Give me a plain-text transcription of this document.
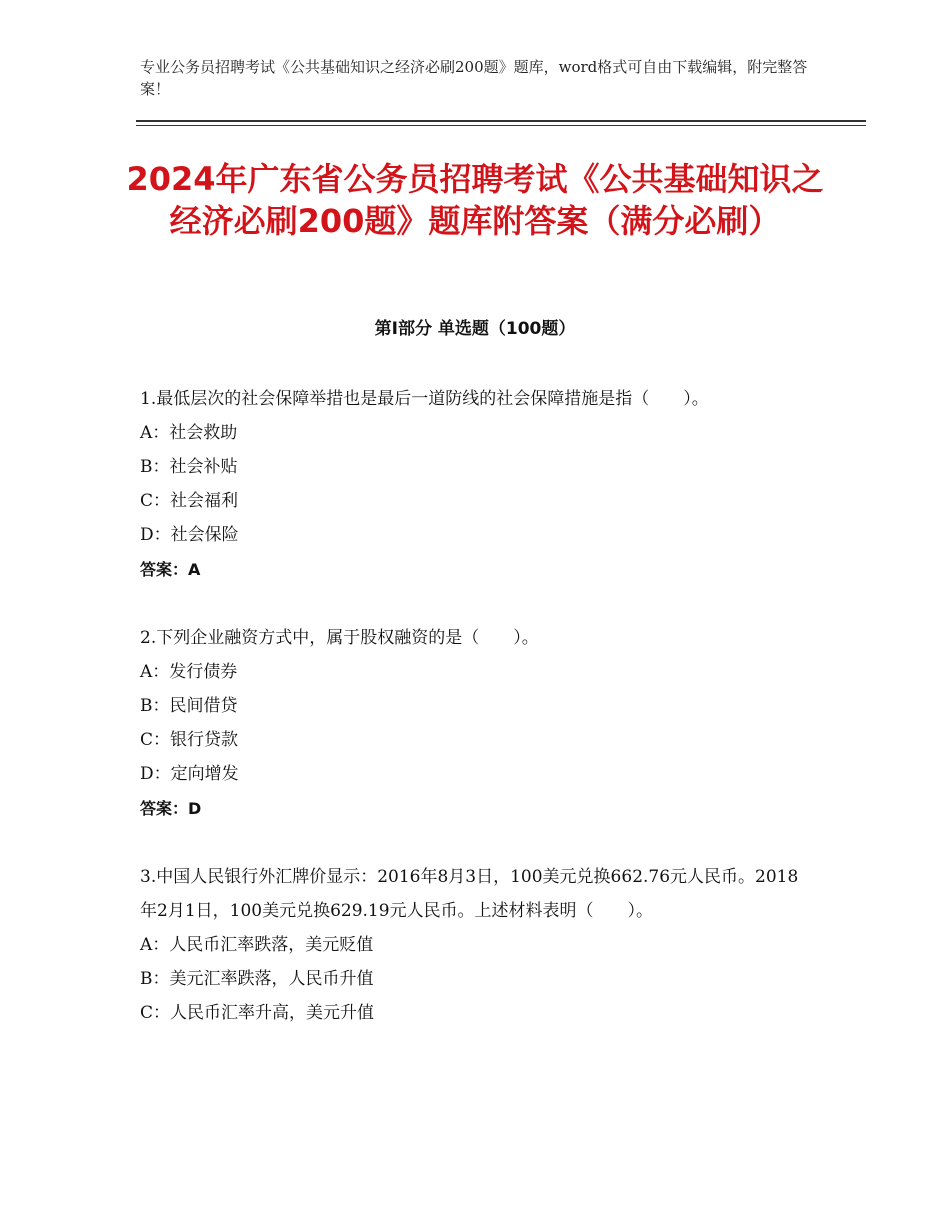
专业公务员招聘考试《公共基础知识之经济必刷200题》题库，word格式可自由下载编辑，附完整答案！
2024年广东省公务员招聘考试《公共基础知识之经济必刷200题》题库附答案（满分必刷）
第Ⅰ部分 单选题（100题）
1.最低层次的社会保障举措也是最后一道防线的社会保障措施是指（　　）。
A：社会救助
B：社会补贴
C：社会福利
D：社会保险
答案：A
2.下列企业融资方式中，属于股权融资的是（　　）。
A：发行债券
B：民间借贷
C：银行贷款
D：定向增发
答案：D
3.中国人民银行外汇牌价显示：2016年8月3日，100美元兑换662.76元人民币。2018年2月1日，100美元兑换629.19元人民币。上述材料表明（　　）。
A：人民币汇率跌落，美元贬值
B：美元汇率跌落，人民币升值
C：人民币汇率升高，美元升值
